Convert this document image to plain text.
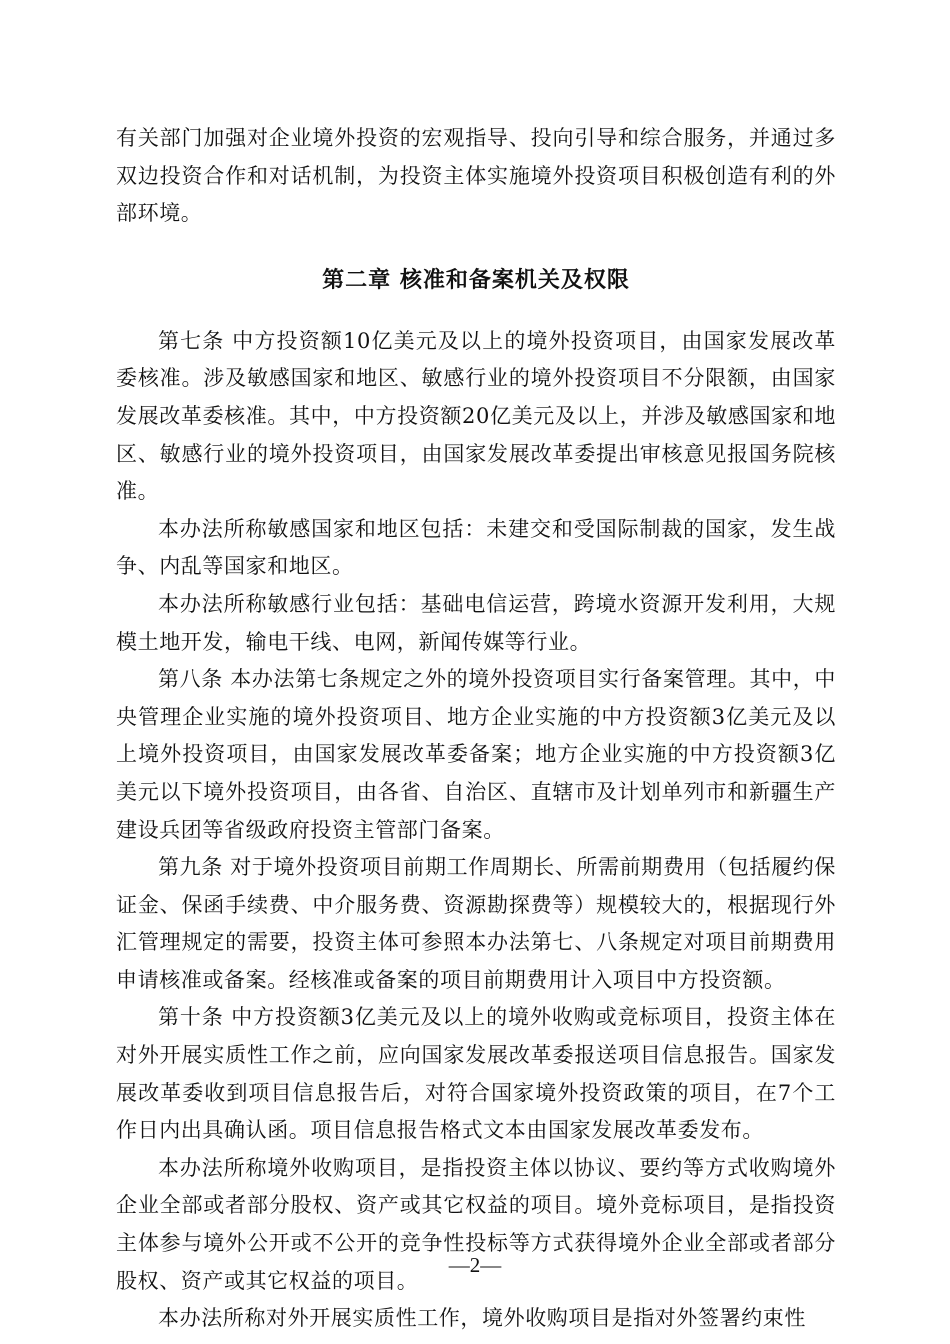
有关部门加强对企业境外投资的宏观指导、投向引导和综合服务，并通过多双边投资合作和对话机制，为投资主体实施境外投资项目积极创造有利的外部环境。

第二章 核准和备案机关及权限

第七条 中方投资额10亿美元及以上的境外投资项目，由国家发展改革委核准。涉及敏感国家和地区、敏感行业的境外投资项目不分限额，由国家发展改革委核准。其中，中方投资额20亿美元及以上，并涉及敏感国家和地区、敏感行业的境外投资项目，由国家发展改革委提出审核意见报国务院核准。

本办法所称敏感国家和地区包括：未建交和受国际制裁的国家，发生战争、内乱等国家和地区。

本办法所称敏感行业包括：基础电信运营，跨境水资源开发利用，大规模土地开发，输电干线、电网，新闻传媒等行业。

第八条 本办法第七条规定之外的境外投资项目实行备案管理。其中，中央管理企业实施的境外投资项目、地方企业实施的中方投资额3亿美元及以上境外投资项目，由国家发展改革委备案；地方企业实施的中方投资额3亿美元以下境外投资项目，由各省、自治区、直辖市及计划单列市和新疆生产建设兵团等省级政府投资主管部门备案。

第九条 对于境外投资项目前期工作周期长、所需前期费用（包括履约保证金、保函手续费、中介服务费、资源勘探费等）规模较大的，根据现行外汇管理规定的需要，投资主体可参照本办法第七、八条规定对项目前期费用申请核准或备案。经核准或备案的项目前期费用计入项目中方投资额。

第十条 中方投资额3亿美元及以上的境外收购或竞标项目，投资主体在对外开展实质性工作之前，应向国家发展改革委报送项目信息报告。国家发展改革委收到项目信息报告后，对符合国家境外投资政策的项目，在7个工作日内出具确认函。项目信息报告格式文本由国家发展改革委发布。

本办法所称境外收购项目，是指投资主体以协议、要约等方式收购境外企业全部或者部分股权、资产或其它权益的项目。境外竞标项目，是指投资主体参与境外公开或不公开的竞争性投标等方式获得境外企业全部或者部分股权、资产或其它权益的项目。

本办法所称对外开展实质性工作，境外收购项目是指对外签署约束性

—2—
